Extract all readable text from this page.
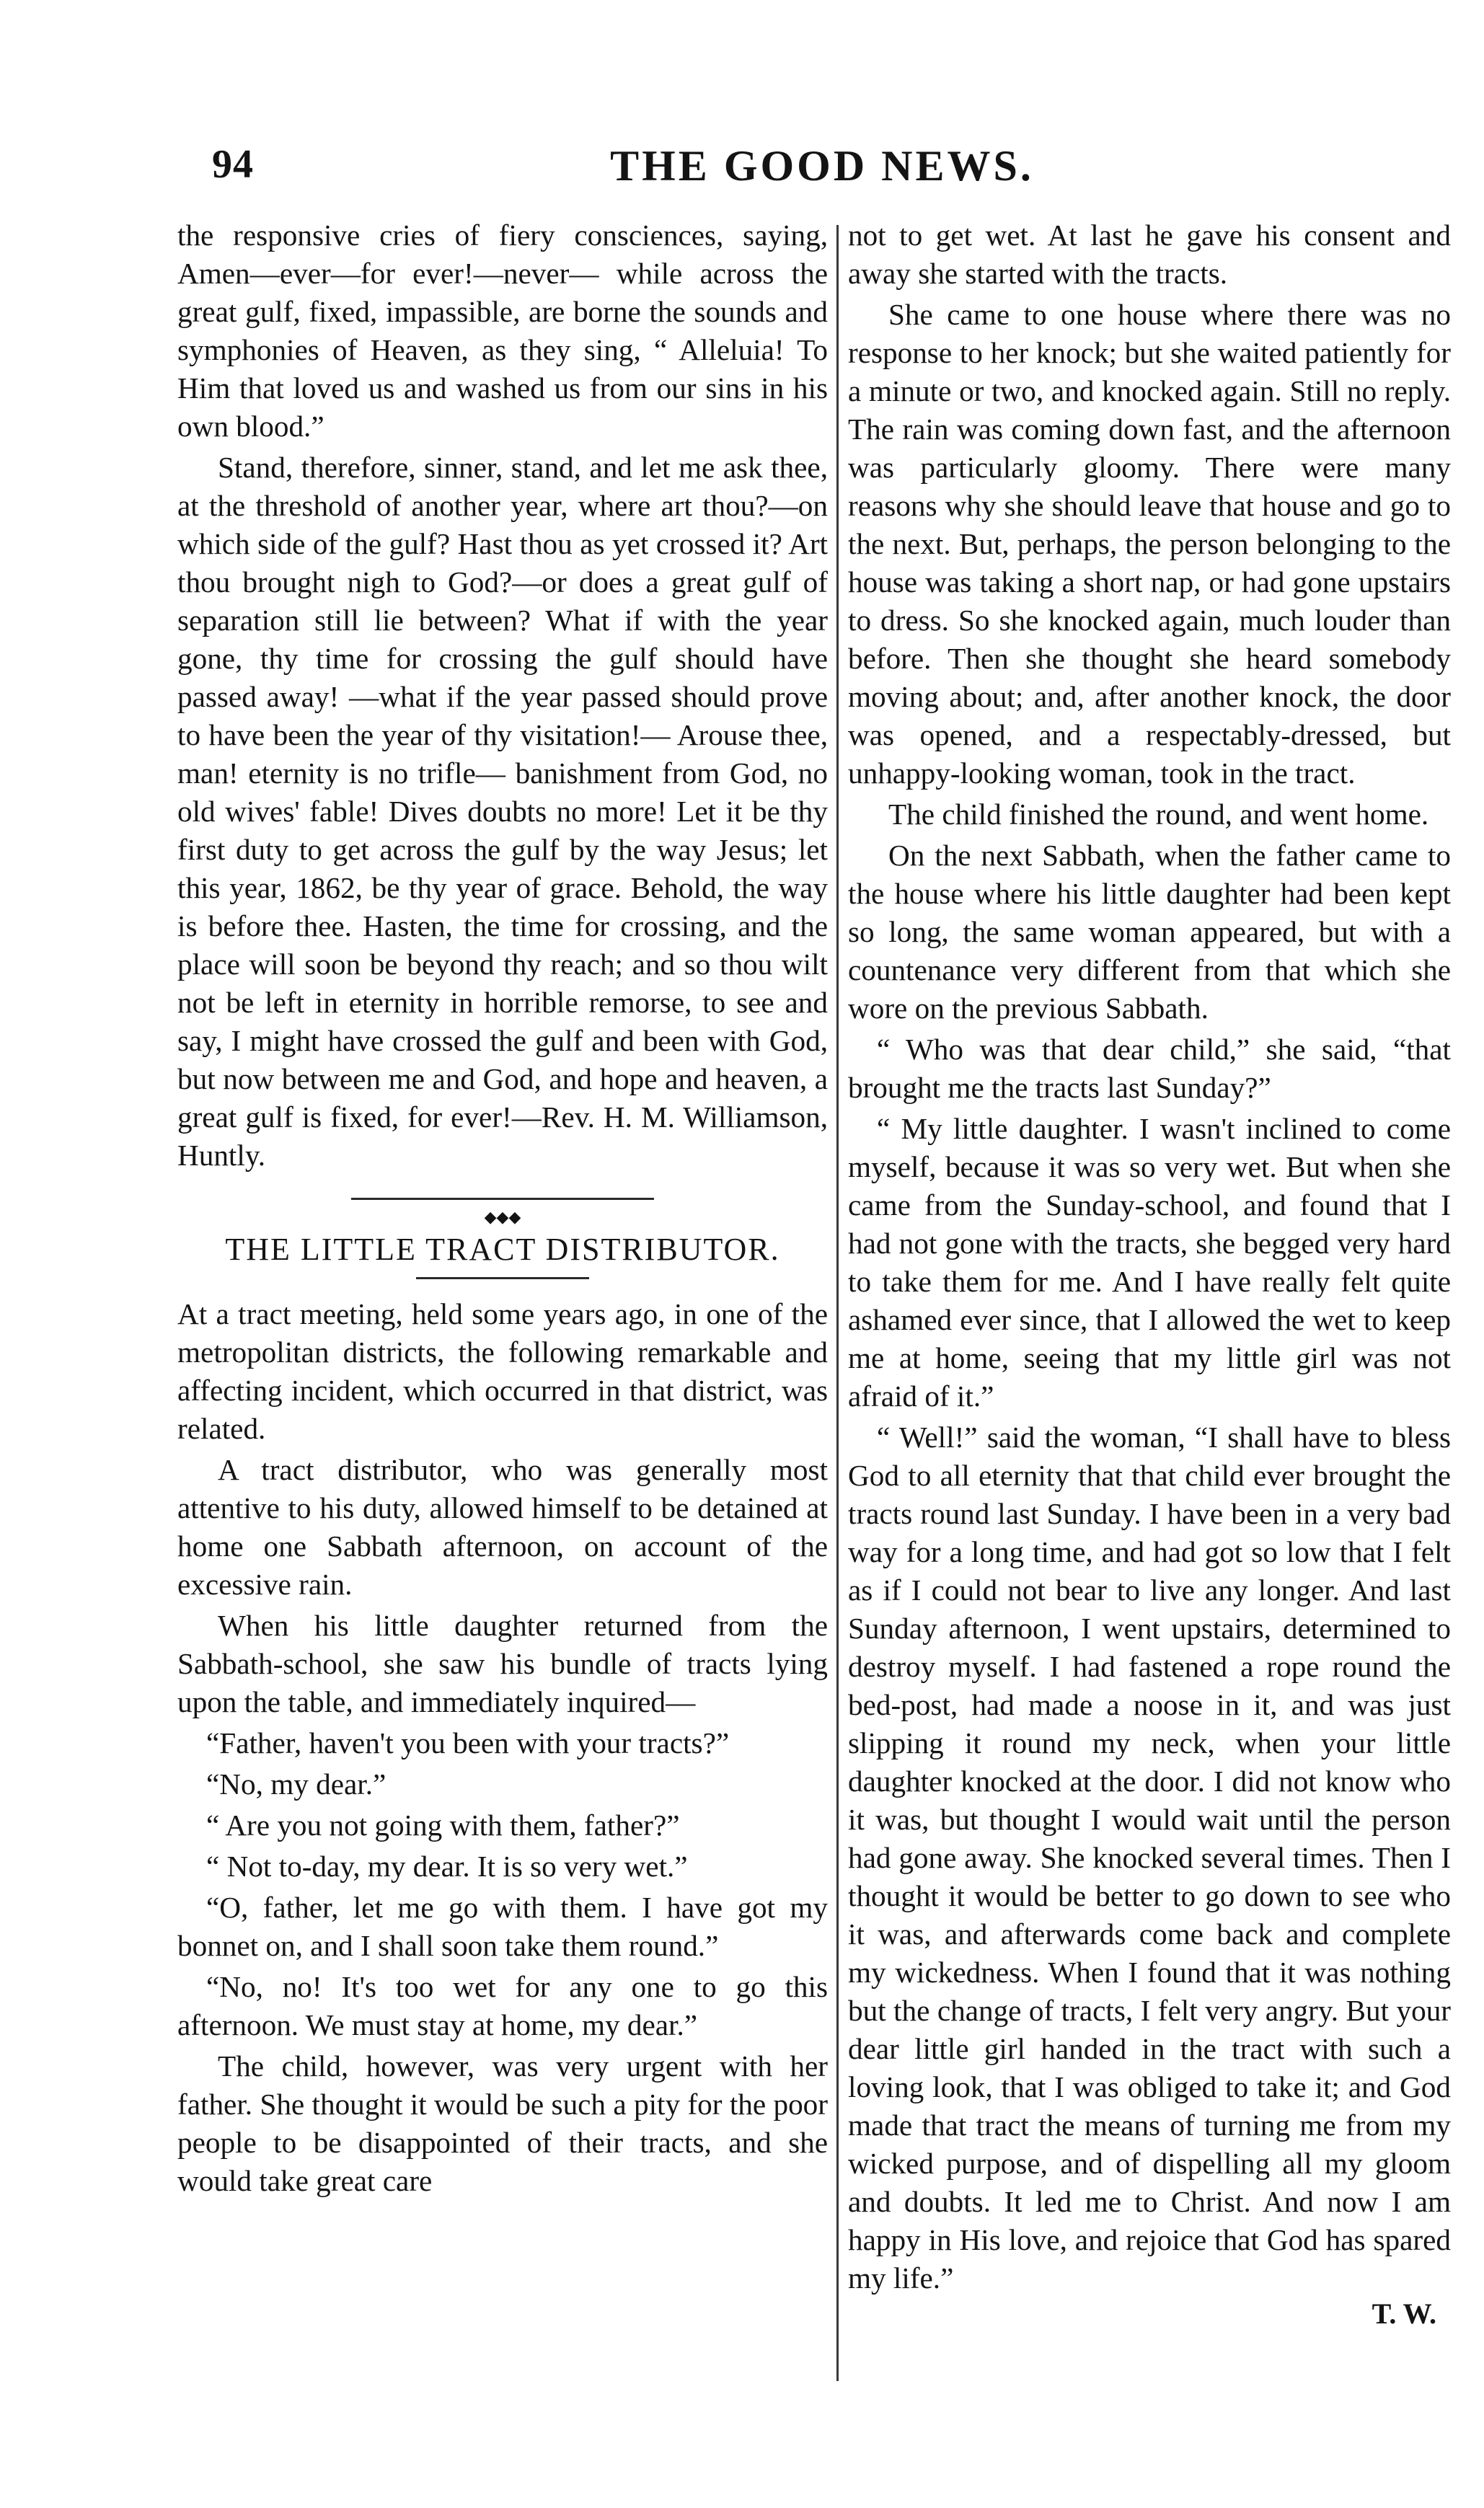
94	THE GOOD NEWS.

the responsive cries of fiery consciences, saying, Amen—ever—for ever!—never— while across the great gulf, fixed, impassible, are borne the sounds and symphonies of Heaven, as they sing, “ Alleluia! To Him that loved us and washed us from our sins in his own blood.”

Stand, therefore, sinner, stand, and let me ask thee, at the threshold of another year, where art thou?—on which side of the gulf? Hast thou as yet crossed it? Art thou brought nigh to God?—or does a great gulf of separation still lie between? What if with the year gone, thy time for crossing the gulf should have passed away! —what if the year passed should prove to have been the year of thy visitation!— Arouse thee, man! eternity is no trifle— banishment from God, no old wives' fable! Dives doubts no more! Let it be thy first duty to get across the gulf by the way Jesus; let this year, 1862, be thy year of grace. Behold, the way is before thee. Hasten, the time for crossing, and the place will soon be beyond thy reach; and so thou wilt not be left in eternity in horrible remorse, to see and say, I might have crossed the gulf and been with God, but now between me and God, and hope and heaven, a great gulf is fixed, for ever!—Rev. H. M. Williamson, Huntly.

◆◆◆
THE LITTLE TRACT DISTRIBUTOR.

At a tract meeting, held some years ago, in one of the metropolitan districts, the following remarkable and affecting incident, which occurred in that district, was related.

A tract distributor, who was generally most attentive to his duty, allowed himself to be detained at home one Sabbath afternoon, on account of the excessive rain.

When his little daughter returned from the Sabbath-school, she saw his bundle of tracts lying upon the table, and immediately inquired—

“Father, haven't you been with your tracts?”

“No, my dear.”

“ Are you not going with them, father?”

“ Not to-day, my dear. It is so very wet.”

“O, father, let me go with them. I have got my bonnet on, and I shall soon take them round.”

“No, no! It's too wet for any one to go this afternoon. We must stay at home, my dear.”

The child, however, was very urgent with her father. She thought it would be such a pity for the poor people to be disappointed of their tracts, and she would take great care

not to get wet. At last he gave his consent and away she started with the tracts.

She came to one house where there was no response to her knock; but she waited patiently for a minute or two, and knocked again. Still no reply. The rain was coming down fast, and the afternoon was particularly gloomy. There were many reasons why she should leave that house and go to the next. But, perhaps, the person belonging to the house was taking a short nap, or had gone upstairs to dress. So she knocked again, much louder than before. Then she thought she heard somebody moving about; and, after another knock, the door was opened, and a respectably-dressed, but unhappy-looking woman, took in the tract.

The child finished the round, and went home.

On the next Sabbath, when the father came to the house where his little daughter had been kept so long, the same woman appeared, but with a countenance very different from that which she wore on the previous Sabbath.

“ Who was that dear child,” she said, “that brought me the tracts last Sunday?”

“ My little daughter. I wasn't inclined to come myself, because it was so very wet. But when she came from the Sunday-school, and found that I had not gone with the tracts, she begged very hard to take them for me. And I have really felt quite ashamed ever since, that I allowed the wet to keep me at home, seeing that my little girl was not afraid of it.”

“ Well!” said the woman, “I shall have to bless God to all eternity that that child ever brought the tracts round last Sunday. I have been in a very bad way for a long time, and had got so low that I felt as if I could not bear to live any longer. And last Sunday afternoon, I went upstairs, determined to destroy myself. I had fastened a rope round the bed-post, had made a noose in it, and was just slipping it round my neck, when your little daughter knocked at the door. I did not know who it was, but thought I would wait until the person had gone away. She knocked several times. Then I thought it would be better to go down to see who it was, and afterwards come back and complete my wickedness. When I found that it was nothing but the change of tracts, I felt very angry. But your dear little girl handed in the tract with such a loving look, that I was obliged to take it; and God made that tract the means of turning me from my wicked purpose, and of dispelling all my gloom and doubts. It led me to Christ. And now I am happy in His love, and rejoice that God has spared my life.”

T. W.
